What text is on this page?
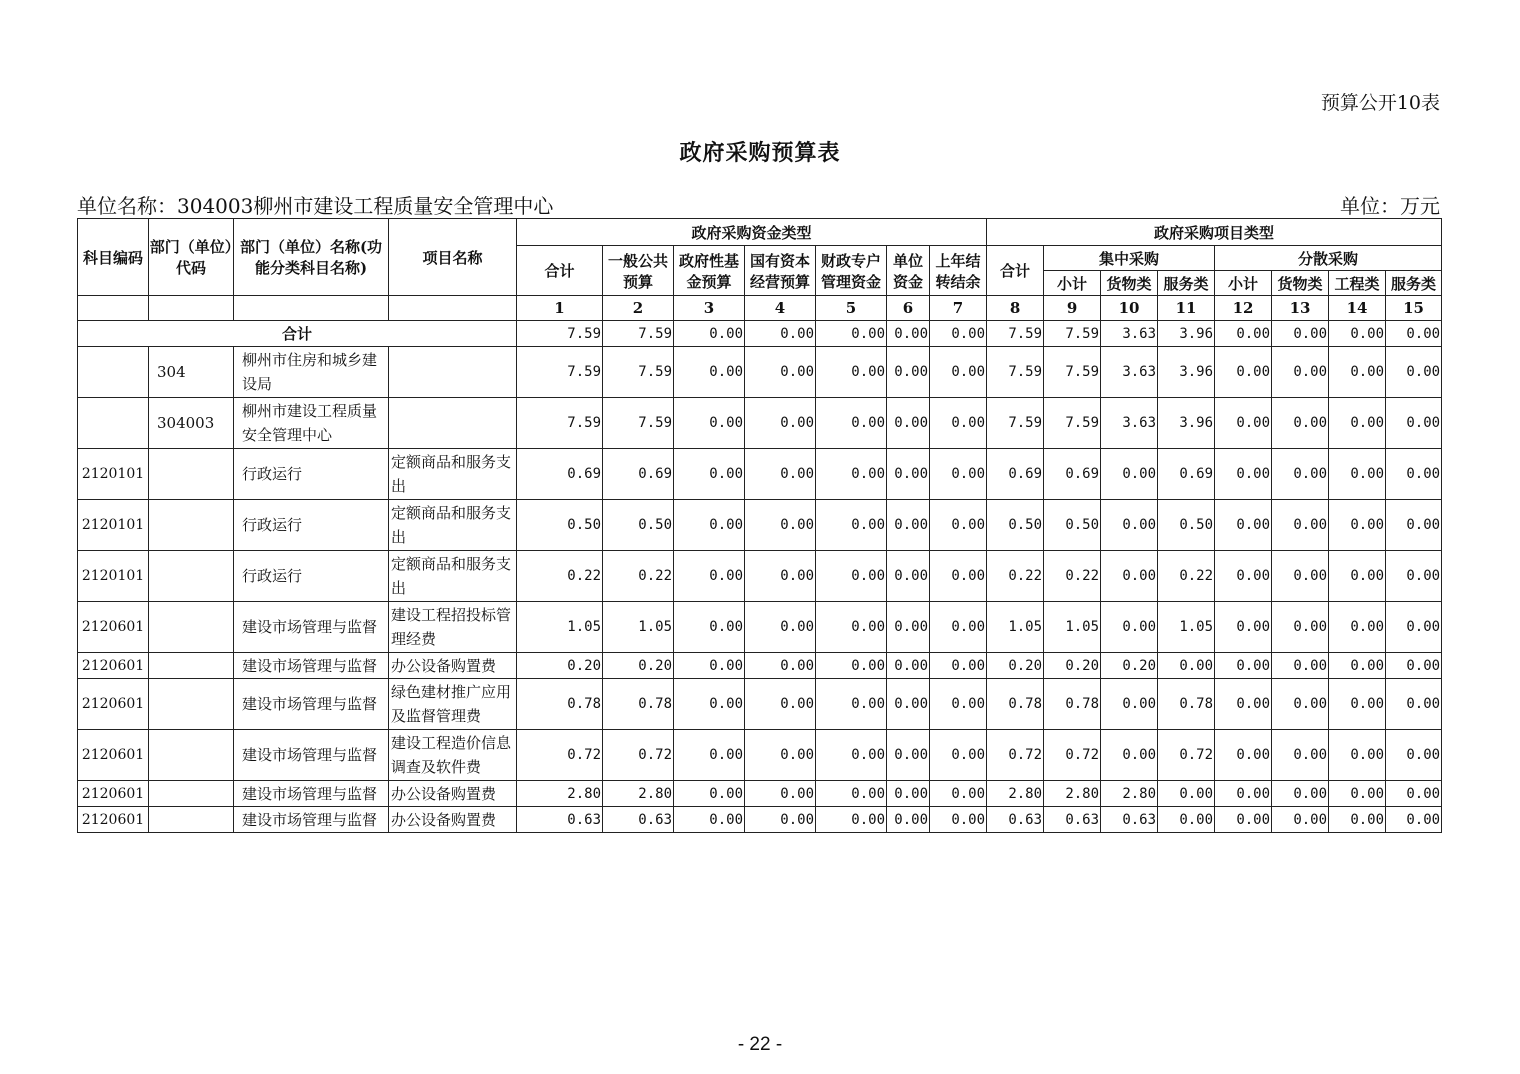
预算公开10表
政府采购预算表
单位名称：304003柳州市建设工程质量安全管理中心	单位：万元
科目编码	部门（单位）代码	部门（单位）名称(功能分类科目名称)	项目名称	政府采购资金类型							政府采购项目类型							
				合计	一般公共预算	政府性基金预算	国有资本经营预算	财政专户管理资金	单位资金	上年结转结余	合计	集中采购			分散采购			
												小计	货物类	服务类	小计	货物类	工程类	服务类
				1	2	3	4	5	6	7	8	9	10	11	12	13	14	15
合计				7.59	7.59	0.00	0.00	0.00	0.00	0.00	7.59	7.59	3.63	3.96	0.00	0.00	0.00	0.00
	304	柳州市住房和城乡建设局		7.59	7.59	0.00	0.00	0.00	0.00	0.00	7.59	7.59	3.63	3.96	0.00	0.00	0.00	0.00
	304003	柳州市建设工程质量安全管理中心		7.59	7.59	0.00	0.00	0.00	0.00	0.00	7.59	7.59	3.63	3.96	0.00	0.00	0.00	0.00
2120101		行政运行	定额商品和服务支出	0.69	0.69	0.00	0.00	0.00	0.00	0.00	0.69	0.69	0.00	0.69	0.00	0.00	0.00	0.00
2120101		行政运行	定额商品和服务支出	0.50	0.50	0.00	0.00	0.00	0.00	0.00	0.50	0.50	0.00	0.50	0.00	0.00	0.00	0.00
2120101		行政运行	定额商品和服务支出	0.22	0.22	0.00	0.00	0.00	0.00	0.00	0.22	0.22	0.00	0.22	0.00	0.00	0.00	0.00
2120601		建设市场管理与监督	建设工程招投标管理经费	1.05	1.05	0.00	0.00	0.00	0.00	0.00	1.05	1.05	0.00	1.05	0.00	0.00	0.00	0.00
2120601		建设市场管理与监督	办公设备购置费	0.20	0.20	0.00	0.00	0.00	0.00	0.00	0.20	0.20	0.20	0.00	0.00	0.00	0.00	0.00
2120601		建设市场管理与监督	绿色建材推广应用及监督管理费	0.78	0.78	0.00	0.00	0.00	0.00	0.00	0.78	0.78	0.00	0.78	0.00	0.00	0.00	0.00
2120601		建设市场管理与监督	建设工程造价信息调查及软件费	0.72	0.72	0.00	0.00	0.00	0.00	0.00	0.72	0.72	0.00	0.72	0.00	0.00	0.00	0.00
2120601		建设市场管理与监督	办公设备购置费	2.80	2.80	0.00	0.00	0.00	0.00	0.00	2.80	2.80	2.80	0.00	0.00	0.00	0.00	0.00
2120601		建设市场管理与监督	办公设备购置费	0.63	0.63	0.00	0.00	0.00	0.00	0.00	0.63	0.63	0.63	0.00	0.00	0.00	0.00	0.00
- 22 -
